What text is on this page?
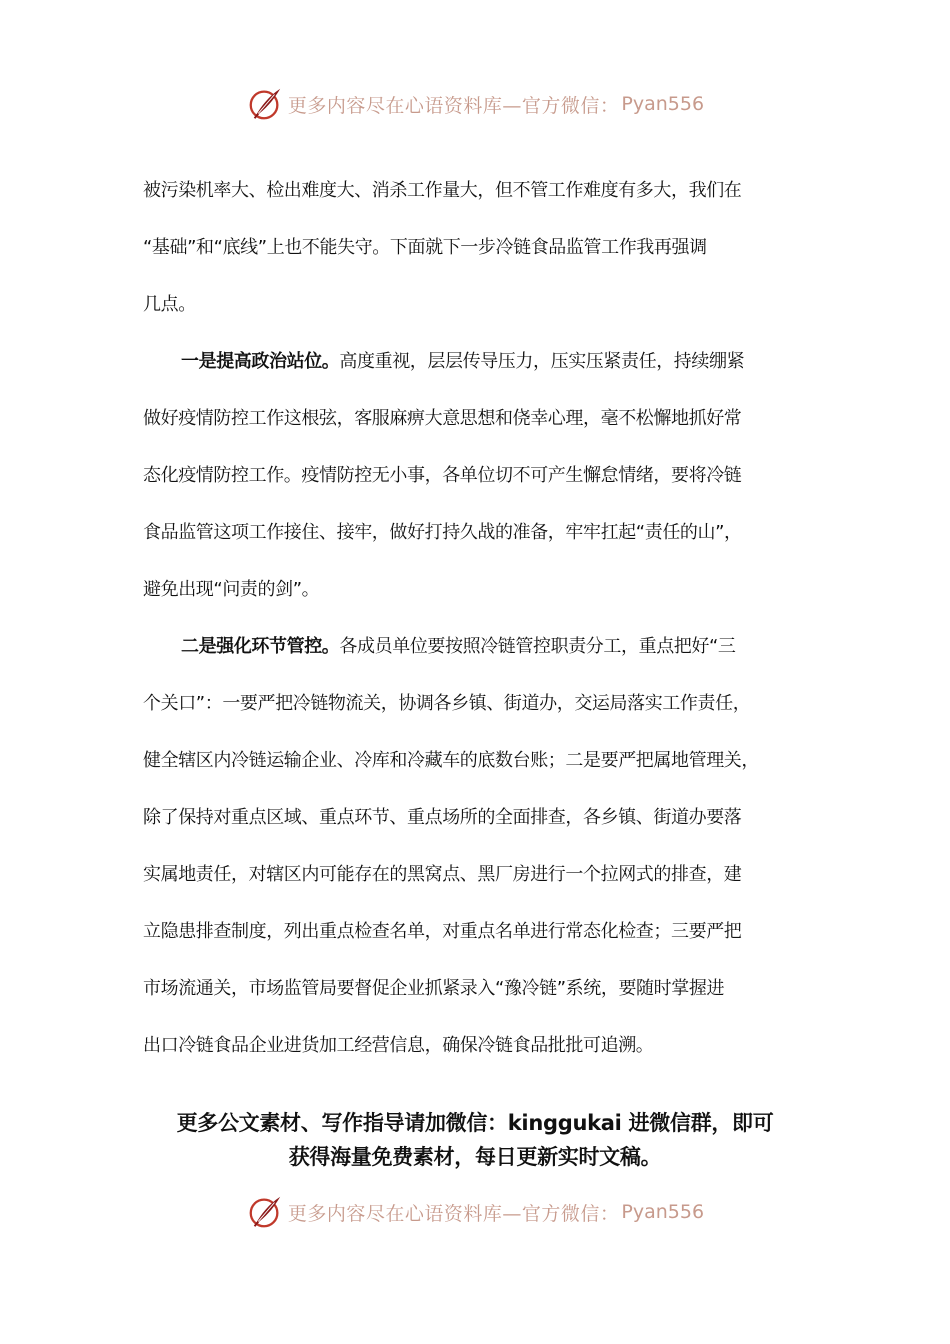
更多内容尽在心语资料库—官方微信： Pyan556
被污染机率大、检出难度大、消杀工作量大，但不管工作难度有多大，我们在
“基础”和“底线”上也不能失守。下面就下一步冷链食品监管工作我再强调
几点。
一是提高政治站位。高度重视，层层传导压力，压实压紧责任，持续绷紧
做好疫情防控工作这根弦，客服麻痹大意思想和侥幸心理，毫不松懈地抓好常
态化疫情防控工作。疫情防控无小事，各单位切不可产生懈怠情绪，要将冷链
食品监管这项工作接住、接牢，做好打持久战的准备，牢牢扛起“责任的山”，
避免出现“问责的剑”。
二是强化环节管控。各成员单位要按照冷链管控职责分工，重点把好“三
个关口”：一要严把冷链物流关，协调各乡镇、街道办，交运局落实工作责任，
健全辖区内冷链运输企业、冷库和冷藏车的底数台账；二是要严把属地管理关，
除了保持对重点区域、重点环节、重点场所的全面排查，各乡镇、街道办要落
实属地责任，对辖区内可能存在的黑窝点、黑厂房进行一个拉网式的排查，建
立隐患排查制度，列出重点检查名单，对重点名单进行常态化检查；三要严把
市场流通关，市场监管局要督促企业抓紧录入“豫冷链”系统，要随时掌握进
出口冷链食品企业进货加工经营信息，确保冷链食品批批可追溯。
更多公文素材、写作指导请加微信：kinggukai 进微信群，即可
获得海量免费素材，每日更新实时文稿。
更多内容尽在心语资料库—官方微信： Pyan556
